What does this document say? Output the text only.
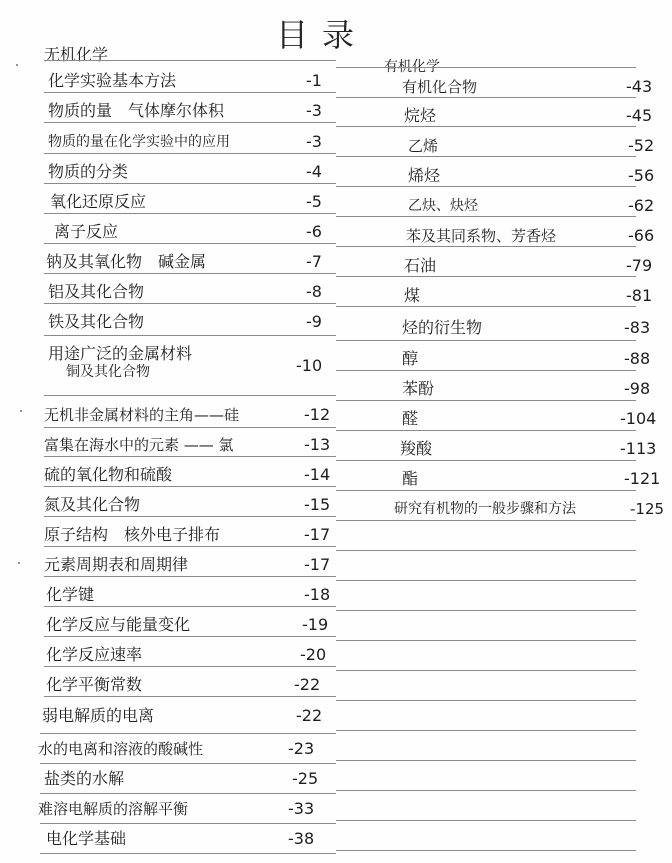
目录
无机化学
化学实验基本方法	-1
物质的量　气体摩尔体积	-3
物质的量在化学实验中的应用	-3
物质的分类	-4
氧化还原反应	-5
离子反应	-6
钠及其氧化物　碱金属	-7
铝及其化合物	-8
铁及其化合物	-9
用途广泛的金属材料
铜及其化合物	-10
无机非金属材料的主角——硅	-12
富集在海水中的元素 —— 氯	-13
硫的氧化物和硫酸	-14
氮及其化合物	-15
原子结构　核外电子排布	-17
元素周期表和周期律	-17
化学键	-18
化学反应与能量变化	-19
化学反应速率	-20
化学平衡常数	-22
弱电解质的电离	-22
水的电离和溶液的酸碱性	-23
盐类的水解	-25
难溶电解质的溶解平衡	-33
电化学基础	-38
有机化学
有机化合物	-43
烷烃	-45
乙烯	-52
烯烃	-56
乙炔、炔烃	-62
苯及其同系物、芳香烃	-66
石油	-79
煤	-81
烃的衍生物	-83
醇	-88
苯酚	-98
醛	-104
羧酸	-113
酯	-121
研究有机物的一般步骤和方法	-125
